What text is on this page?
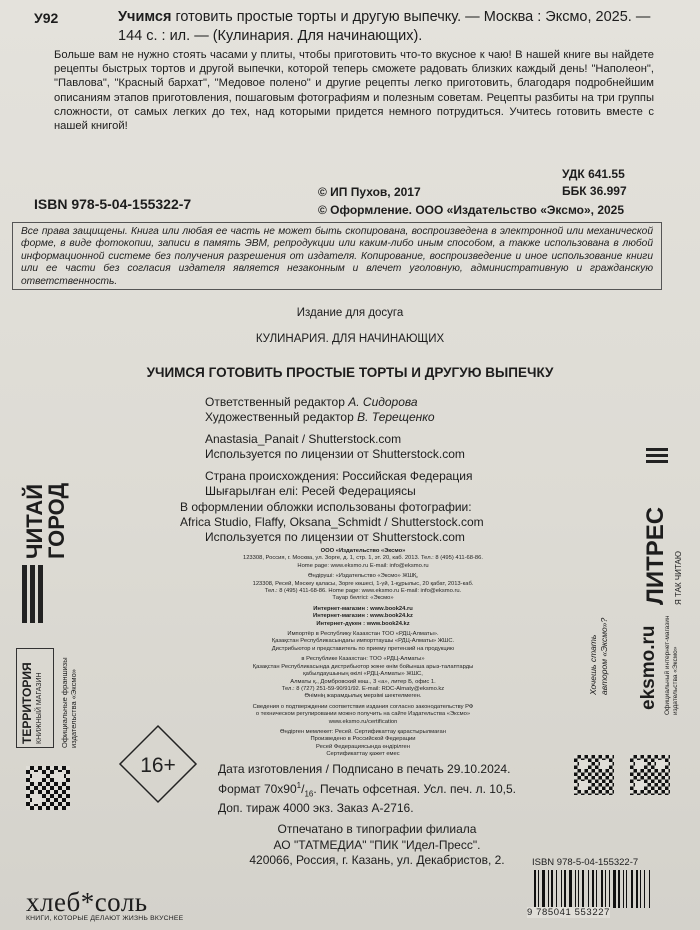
У92	Учимся готовить простые торты и другую выпечку. — Москва : Эксмо, 2025. — 144 с. : ил. — (Кулинария. Для начинающих).
Больше вам не нужно стоять часами у плиты, чтобы приготовить что-то вкусное к чаю! В нашей книге вы найдете рецепты быстрых тортов и другой выпечки, которой теперь сможете радовать близких каждый день! "Наполеон", "Павлова", "Красный бархат", "Медовое полено" и другие рецепты легко приготовить, благодаря подробнейшим описаниям этапов приготовления, пошаговым фотографиям и полезным советам. Рецепты разбиты на три группы сложности, от самых легких до тех, над которыми придется немного потрудиться. Учитесь готовить вместе с нашей книгой!
УДК 641.55
ББК 36.997
ISBN 978-5-04-155322-7
© ИП Пухов, 2017
© Оформление. ООО «Издательство «Эксмо», 2025
Все права защищены. Книга или любая ее часть не может быть скопирована, воспроизведена в электронной или механической форме, в виде фотокопии, записи в память ЭВМ, репродукции или каким-либо иным способом, а также использована в любой информационной системе без получения разрешения от издателя. Копирование, воспроизведение и иное использование книги или ее части без согласия издателя является незаконным и влечет уголовную, административную и гражданскую ответственность.
Издание для досуга
КУЛИНАРИЯ. ДЛЯ НАЧИНАЮЩИХ
УЧИМСЯ ГОТОВИТЬ ПРОСТЫЕ ТОРТЫ И ДРУГУЮ ВЫПЕЧКУ
Ответственный редактор А. Сидорова
Художественный редактор В. Терещенко
Anastasia_Panait / Shutterstock.com
Используется по лицензии от Shutterstock.com
Страна происхождения: Российская Федерация
Шығарылған елі: Ресей Федерациясы
В оформлении обложки использованы фотографии:
Africa Studio, Flaffy, Oksana_Schmidt / Shutterstock.com
Используется по лицензии от Shutterstock.com
ООО «Издательство «Эксмо»
123308, Россия, г. Москва, ул. Зорге, д. 1, стр. 1, эт. 20, каб. 2013. Тел.: 8 (495) 411-68-86.
Home page: www.eksmo.ru E-mail: info@eksmo.ru
Өндіруші: «Издательство «Эксмо» ЖШҚ,
123308, Ресей, Мәскеу қаласы, Зорге көшесі, 1-үй, 1-құрылыс, 20 қабат, 2013-каб.
Тел.: 8 (495) 411-68-86. Home page: www.eksmo.ru E-mail: info@eksmo.ru.
Тауар белгісі: «Эксмо»
Интернет-магазин : www.book24.ru
Интернет-магазин : www.book24.kz
Интернет-дүкен : www.book24.kz
Импортёр в Республику Казахстан ТОО «РДЦ-Алматы».
Қазақстан Республикасындағы импорттаушы «РДЦ-Алматы» ЖШС.
Дистрибьютор и представитель по приему претензий на продукцию
в Республике Казахстан: ТОО «РДЦ-Алматы»
Қазақстан Республикасында дистрибьютор және өнім бойынша арыз-талаптарды
қабылдаушының өкілі «РДЦ-Алматы» ЖШС,
Алматы қ., Домбровский көш., 3 «а», литер Б, офис 1.
Тел.: 8 (727) 251-59-90/91/92. E-mail: RDC-Almaty@eksmo.kz
Өнімнің жарамдылық мерзімі шектелмеген.
Сведения о подтверждении соответствия издания согласно законодательству РФ
о техническом регулировании можно получить на сайте Издательства «Эксмо»
www.eksmo.ru/certification
Өндірген мемлекет: Ресей. Сертификаттау қарастырылмаған
Произведено в Российской Федерации
Ресей Федерациясында өндірілген
Сертификаттау қажет емес
16+	Дата изготовления / Подписано в печать 29.10.2024.
Формат $70х90^1/_{16}$. Печать офсетная. Усл. печ. л. 10,5.
Доп. тираж 4000 экз. Заказ А-2716.
Отпечатано в типографии филиала
АО "ТАТМЕДИА" "ПИК "Идел-Пресс".
420066, Россия, г. Казань, ул. Декабристов, 2.
ЧИТАЙ ГОРОД
ТЕРРИТОРИЯ КНИЖНЫЙ МАГАЗИН Официальные франшизы издательства «Эксмо»
ЛИТРЕС Я ТАК ЧИТАЮ
Хочешь стать автором «Эксмо»? eksmo.ru Официальный интернет-магазин издательства «Эксмо»
ISBN 978-5-04-155322-7
9 785041 553227
хлеб*соль
КНИГИ, КОТОРЫЕ ДЕЛАЮТ ЖИЗНЬ ВКУСНЕЕ
